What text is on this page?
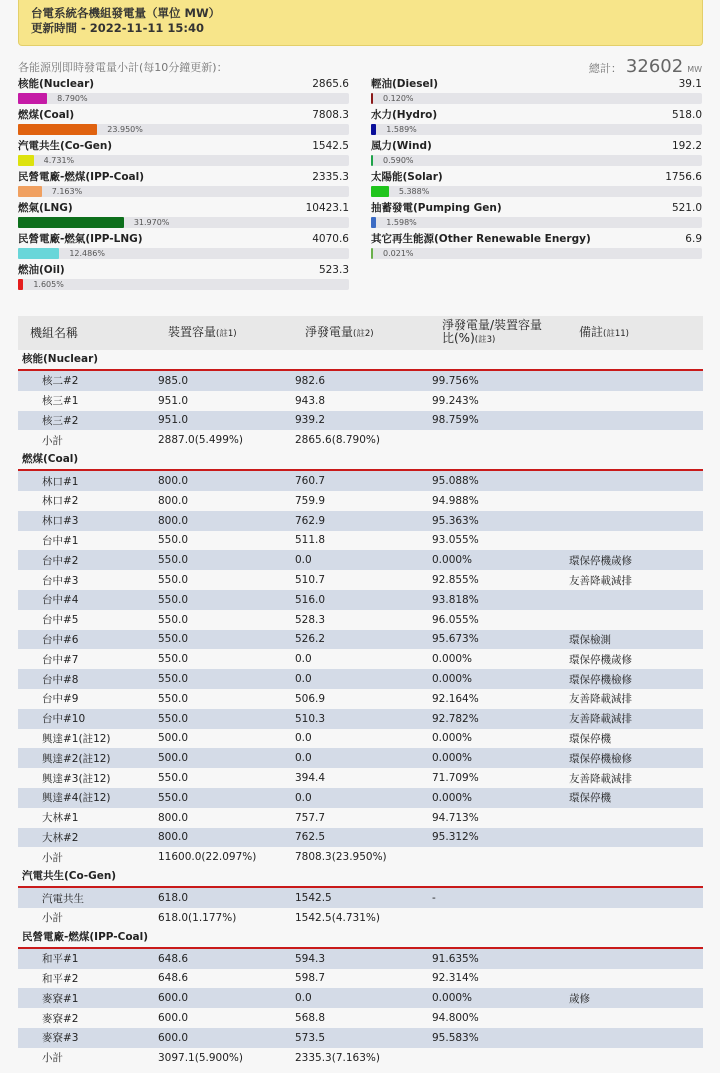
台電系統各機組發電量（單位 MW）
更新時間 - 2022-11-11 15:40
各能源別即時發電量小計(每10分鐘更新)：	總計： 32602 MW
核能(Nuclear)	2865.6
8.790%
燃煤(Coal)	7808.3
23.950%
汽電共生(Co-Gen)	1542.5
4.731%
民營電廠-燃煤(IPP-Coal)	2335.3
7.163%
燃氣(LNG)	10423.1
31.970%
民營電廠-燃氣(IPP-LNG)	4070.6
12.486%
燃油(Oil)	523.3
1.605%
輕油(Diesel)	39.1
0.120%
水力(Hydro)	518.0
1.589%
風力(Wind)	192.2
0.590%
太陽能(Solar)	1756.6
5.388%
抽蓄發電(Pumping Gen)	521.0
1.598%
其它再生能源(Other Renewable Energy)	6.9
0.021%
機組名稱	裝置容量(註1)	淨發電量(註2)
淨發電量/裝置容量
比(%)(註3)
備註(註11)
核能(Nuclear)
核二#2	985.0	982.6	99.756%
核三#1	951.0	943.8	99.243%
核三#2	951.0	939.2	98.759%
小計	2887.0(5.499%)	2865.6(8.790%)
燃煤(Coal)
林口#1	800.0	760.7	95.088%
林口#2	800.0	759.9	94.988%
林口#3	800.0	762.9	95.363%
台中#1	550.0	511.8	93.055%
台中#2	550.0	0.0	0.000%	環保停機歲修
台中#3	550.0	510.7	92.855%	友善降載減排
台中#4	550.0	516.0	93.818%
台中#5	550.0	528.3	96.055%
台中#6	550.0	526.2	95.673%	環保檢測
台中#7	550.0	0.0	0.000%	環保停機歲修
台中#8	550.0	0.0	0.000%	環保停機檢修
台中#9	550.0	506.9	92.164%	友善降載減排
台中#10	550.0	510.3	92.782%	友善降載減排
興達#1(註12)	500.0	0.0	0.000%	環保停機
興達#2(註12)	500.0	0.0	0.000%	環保停機檢修
興達#3(註12)	550.0	394.4	71.709%	友善降載減排
興達#4(註12)	550.0	0.0	0.000%	環保停機
大林#1	800.0	757.7	94.713%
大林#2	800.0	762.5	95.312%
小計	11600.0(22.097%)	7808.3(23.950%)
汽電共生(Co-Gen)
汽電共生	618.0	1542.5	-
小計	618.0(1.177%)	1542.5(4.731%)
民營電廠-燃煤(IPP-Coal)
和平#1	648.6	594.3	91.635%
和平#2	648.6	598.7	92.314%
麥寮#1	600.0	0.0	0.000%	歲修
麥寮#2	600.0	568.8	94.800%
麥寮#3	600.0	573.5	95.583%
小計	3097.1(5.900%)	2335.3(7.163%)
